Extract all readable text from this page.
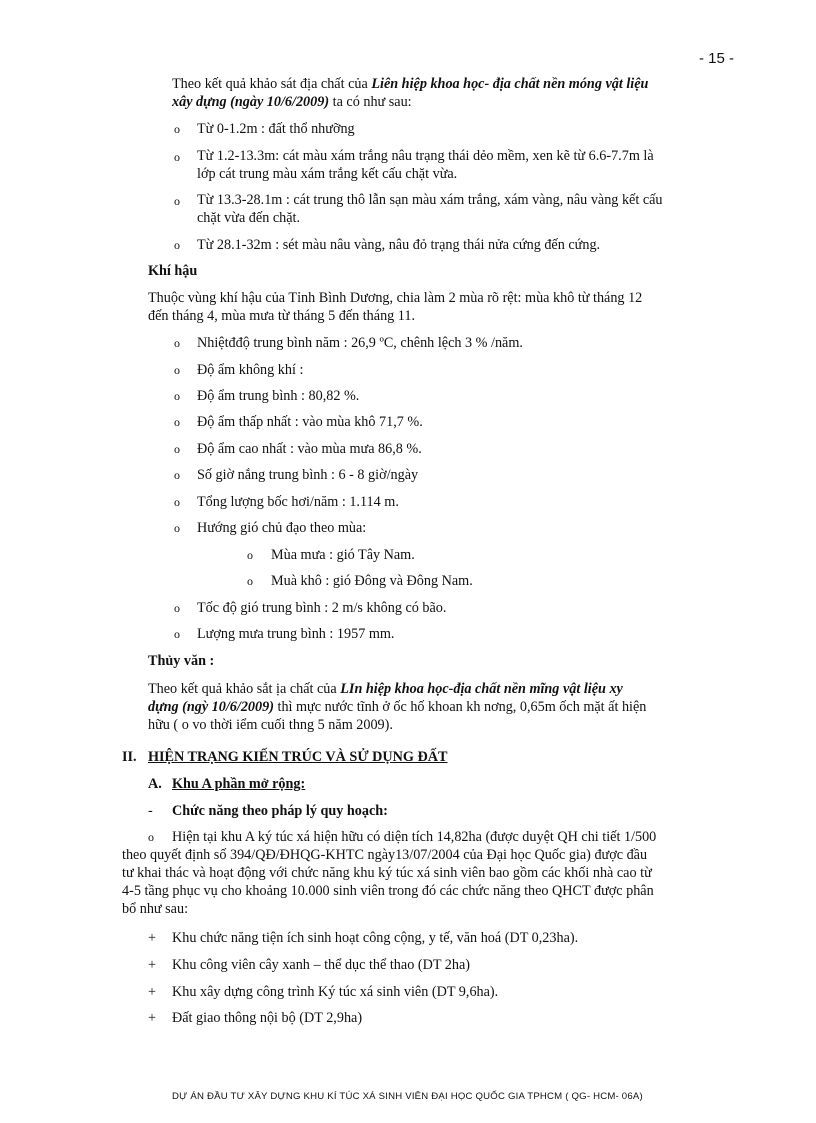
- 15 -
Theo kết quả khảo sát địa chất của Liên hiệp khoa học- địa chất nền móng vật liệu
xây dựng (ngày 10/6/2009) ta có như sau:
o Từ 0-1.2m : đất thổ nhưỡng
o Từ 1.2-13.3m: cát màu xám trắng nâu trạng thái dẻo mềm, xen kẽ từ 6.6-7.7m là
lớp cát trung màu xám trắng kết cấu chặt vừa.
o Từ 13.3-28.1m : cát trung thô lẫn sạn màu xám trắng, xám vàng, nâu vàng kết cấu
chặt vừa đến chặt.
o Từ 28.1-32m : sét màu nâu vàng, nâu đỏ trạng thái nửa cứng đến cứng.
Khí hậu
Thuộc vùng khí hậu của Tỉnh Bình Dương, chia làm 2 mùa rõ rệt: mùa khô từ tháng 12
đến tháng 4, mùa mưa từ tháng 5 đến tháng 11.
o Nhiệtđđộ trung bình năm : 26,9 ºC, chênh lệch 3 % /năm.
o Độ ẩm không khí :
o Độ ẩm trung bình : 80,82 %.
o Độ ẩm thấp nhất : vào mùa khô 71,7 %.
o Độ ẩm cao nhất : vào mùa mưa 86,8 %.
o Số giờ nắng trung bình : 6 - 8 giờ/ngày
o Tổng lượng bốc hơi/năm : 1.114 m.
o Hướng gió chủ đạo theo mùa:
o Mùa mưa : gió Tây Nam.
o Muà khô : gió Đông và Đông Nam.
o Tốc độ gió trung bình : 2 m/s không có bão.
o Lượng mưa trung bình : 1957 mm.
Thủy văn :
Theo kết quả khảo sắt ịa chất của LIn hiệp khoa học-địa chất nền mĩng vật liệu xy
dựng (ngỳ 10/6/2009) thì mực nước tĩnh ở ốc hố khoan kh nơng, 0,65m ốch mặt ất hiện
hữu ( o vo thời iểm cuối thng 5 năm 2009).
II. HIỆN TRẠNG KIẾN TRÚC VÀ SỬ DỤNG ĐẤT
A. Khu A phần mở rộng:
- Chức năng theo pháp lý quy hoạch:
o Hiện tại khu A ký túc xá hiện hữu có diện tích 14,82ha (được duyệt QH chi tiết 1/500
theo quyết định số 394/QĐ/ĐHQG-KHTC ngày13/07/2004 của Đại học Quốc gia) được đầu
tư khai thác và hoạt động với chức năng khu ký túc xá sinh viên bao gồm các khối nhà cao từ
4-5 tầng phục vụ cho khoảng 10.000 sinh viên trong đó các chức năng theo QHCT được phân
bổ như sau:
+ Khu chức năng tiện ích sinh hoạt công cộng, y tế, văn hoá (DT 0,23ha).
+ Khu công viên cây xanh – thể dục thể thao (DT 2ha)
+ Khu xây dựng công trình Ký túc xá sinh viên (DT 9,6ha).
+ Đất giao thông nội bộ (DT 2,9ha)
DỰ ÁN ĐẦU TƯ XÂY DỰNG KHU KÍ TÚC XÁ SINH VIÊN ĐẠI HỌC QUỐC GIA TPHCM ( QG- HCM- 06A)
